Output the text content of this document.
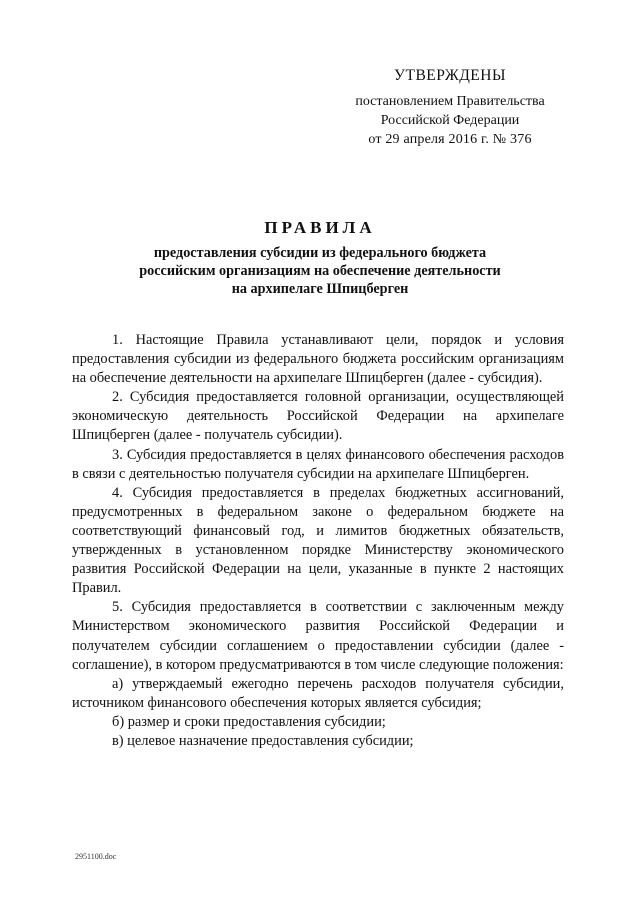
УТВЕРЖДЕНЫ
постановлением Правительства
Российской Федерации
от 29 апреля 2016 г. № 376
ПРАВИЛА
предоставления субсидии из федерального бюджета
российским организациям на обеспечение деятельности
на архипелаге Шпицберген

1. Настоящие Правила устанавливают цели, порядок и условия предоставления субсидии из федерального бюджета российским организациям на обеспечение деятельности на архипелаге Шпицберген (далее - субсидия).

2. Субсидия предоставляется головной организации, осуществляющей экономическую деятельность Российской Федерации на архипелаге Шпицберген (далее - получатель субсидии).

3. Субсидия предоставляется в целях финансового обеспечения расходов в связи с деятельностью получателя субсидии на архипелаге Шпицберген.

4. Субсидия предоставляется в пределах бюджетных ассигнований, предусмотренных в федеральном законе о федеральном бюджете на соответствующий финансовый год, и лимитов бюджетных обязательств, утвержденных в установленном порядке Министерству экономического развития Российской Федерации на цели, указанные в пункте 2 настоящих Правил.

5. Субсидия предоставляется в соответствии с заключенным между Министерством экономического развития Российской Федерации и получателем субсидии соглашением о предоставлении субсидии (далее - соглашение), в котором предусматриваются в том числе следующие положения:

а) утверждаемый ежегодно перечень расходов получателя субсидии, источником финансового обеспечения которых является субсидия;

б) размер и сроки предоставления субсидии;

в) целевое назначение предоставления субсидии;

2951100.doc
